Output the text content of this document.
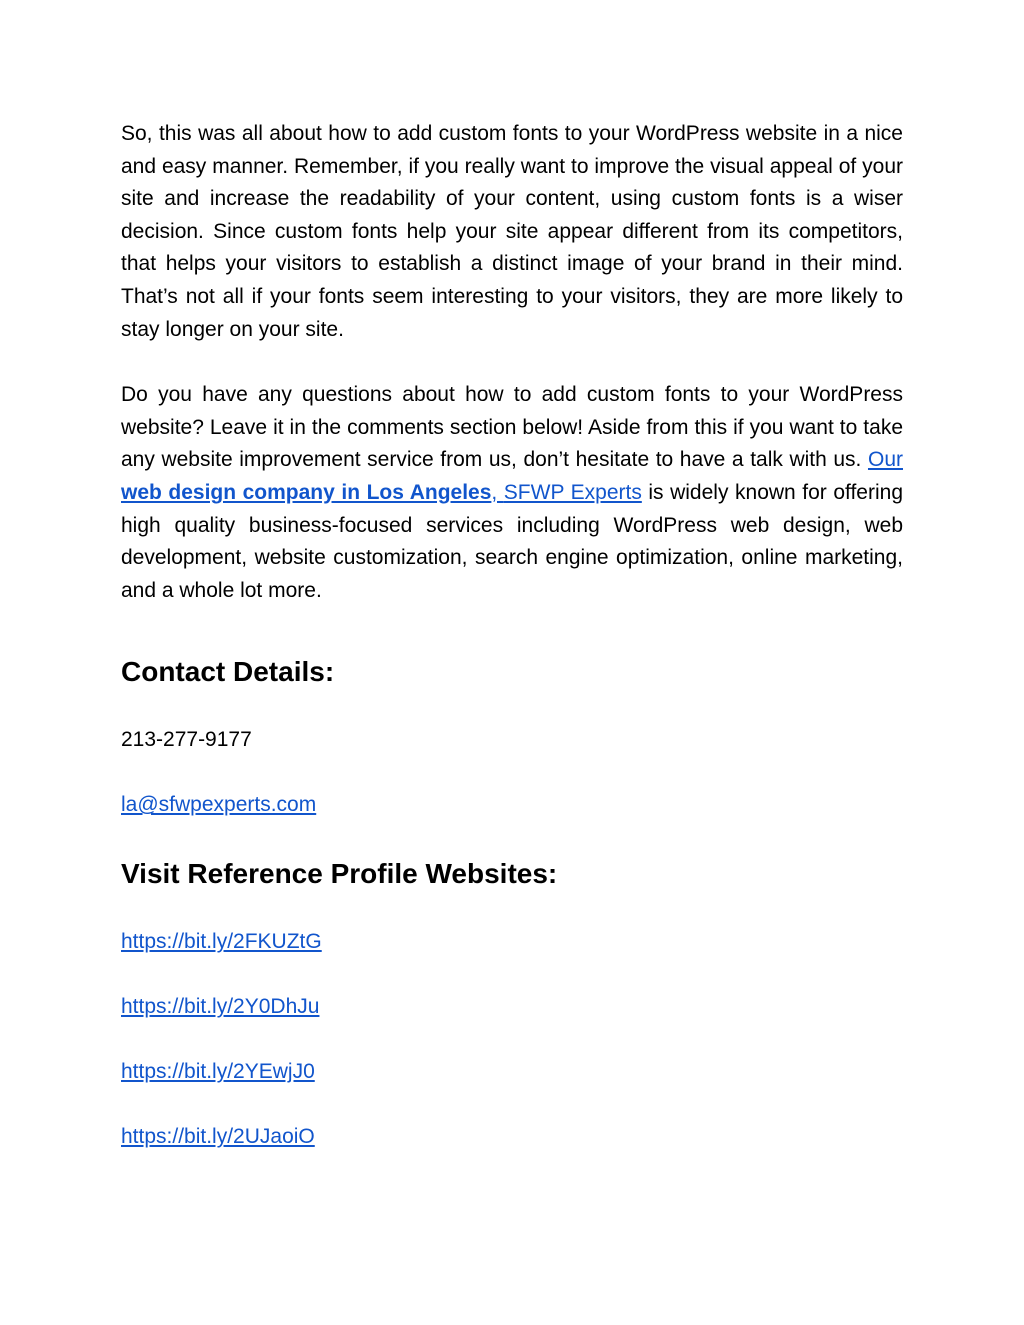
So, this was all about how to add custom fonts to your WordPress website in a nice and easy manner. Remember, if you really want to improve the visual appeal of your site and increase the readability of your content, using custom fonts is a wiser decision. Since custom fonts help your site appear different from its competitors, that helps your visitors to establish a distinct image of your brand in their mind. That’s not all if your fonts seem interesting to your visitors, they are more likely to stay longer on your site.

Do you have any questions about how to add custom fonts to your WordPress website? Leave it in the comments section below! Aside from this if you want to take any website improvement service from us, don’t hesitate to have a talk with us. Our web design company in Los Angeles, SFWP Experts is widely known for offering high quality business-focused services including WordPress web design, web development, website customization, search engine optimization, online marketing, and a whole lot more.

Contact Details:

213-277-9177

la@sfwpexperts.com

Visit Reference Profile Websites:

https://bit.ly/2FKUZtG

https://bit.ly/2Y0DhJu

https://bit.ly/2YEwjJ0

https://bit.ly/2UJaoiO
